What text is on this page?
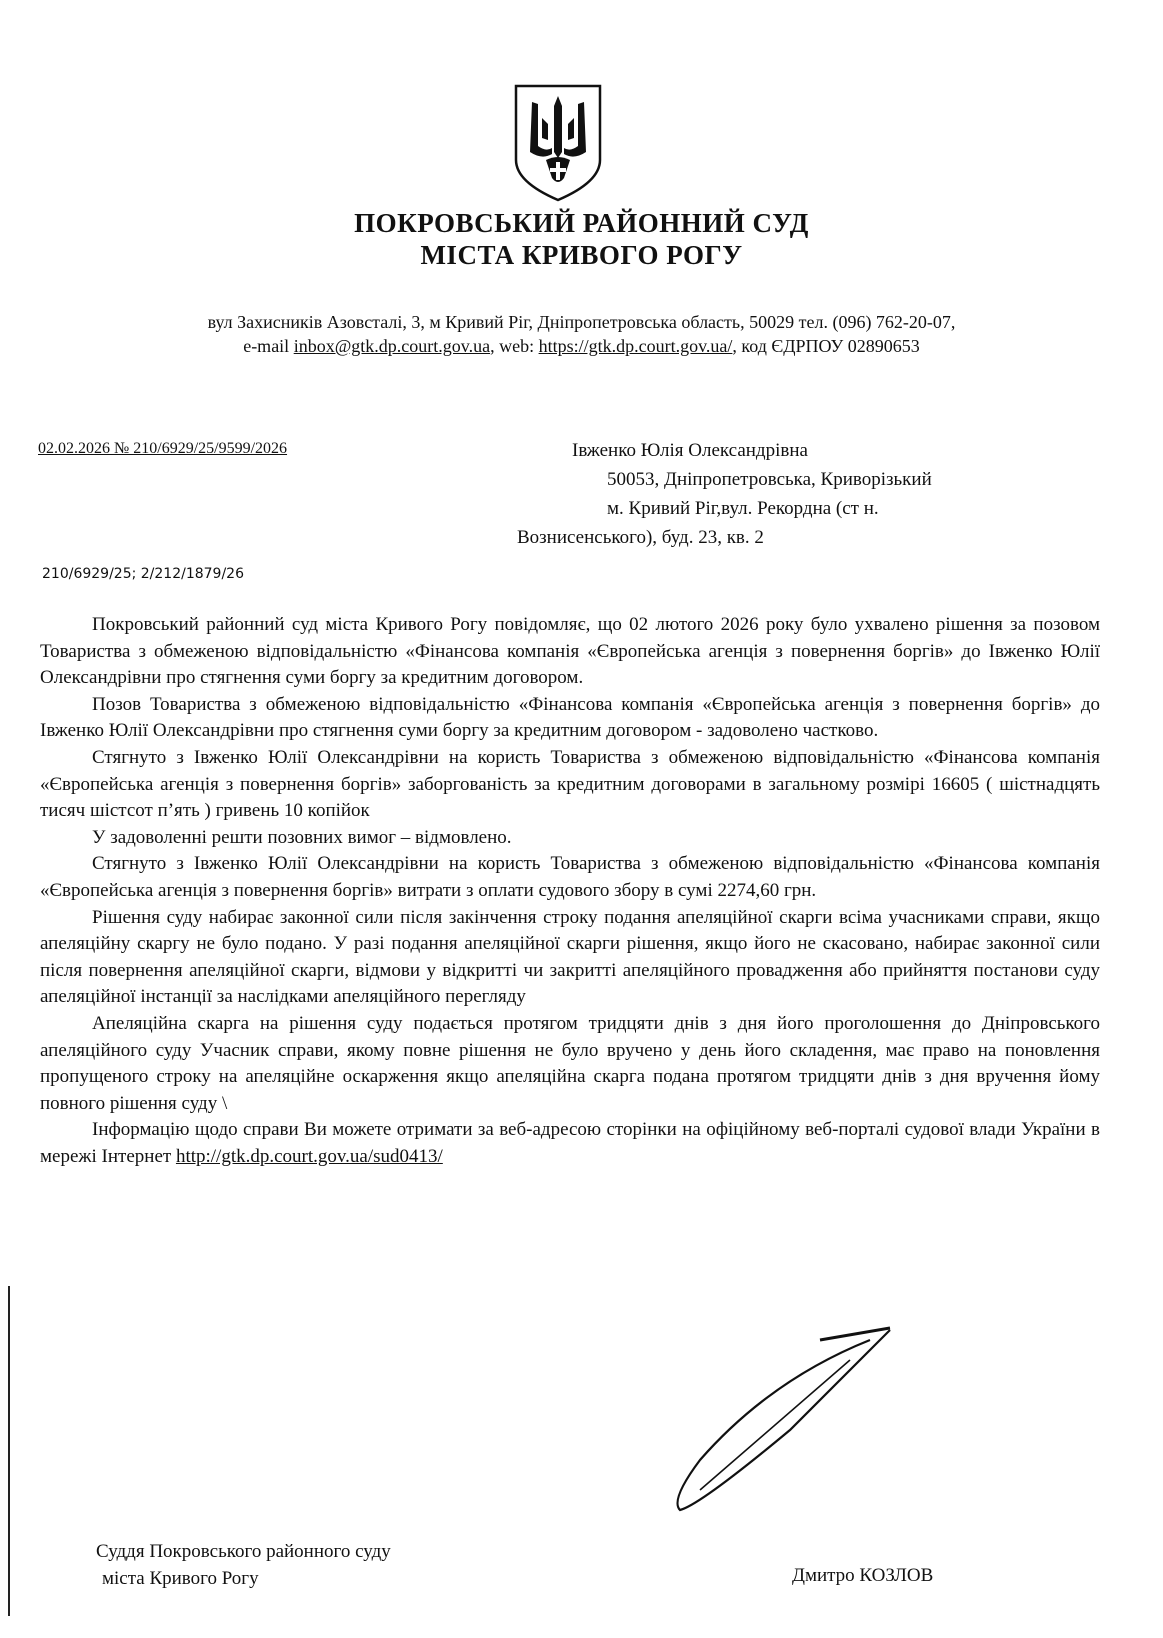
ПОКРОВСЬКИЙ РАЙОННИЙ СУД
МІСТА КРИВОГО РОГУ
вул Захисників Азовсталі, 3, м Кривий Ріг, Дніпропетровська область, 50029 тел. (096) 762-20-07,
e-mail inbox@gtk.dp.court.gov.ua, web: https://gtk.dp.court.gov.ua/, код ЄДРПОУ 02890653
02.02.2026 № 210/6929/25/9599/2026	Івженко Юлія Олександрівна
50053, Дніпропетровська, Криворізький
м. Кривий Ріг,вул. Рекордна (ст н.
Вознисенського), буд. 23, кв. 2
210/6929/25; 2/212/1879/26

Покровський районний суд міста Кривого Рогу повідомляє, що 02 лютого 2026 року було ухвалено рішення за позовом Товариства з обмеженою відповідальністю «Фінансова компанія «Європейська агенція з повернення боргів» до Івженко Юлії Олександрівни про стягнення суми боргу за кредитним договором.

Позов Товариства з обмеженою відповідальністю «Фінансова компанія «Європейська агенція з повернення боргів» до Івженко Юлії Олександрівни про стягнення суми боргу за кредитним договором - задоволено частково.

Стягнуто з Івженко Юлії Олександрівни на користь Товариства з обмеженою відповідальністю «Фінансова компанія «Європейська агенція з повернення боргів» заборгованість за кредитним договорами в загальному розмірі 16605 ( шістнадцять тисяч шістсот п’ять ) гривень 10 копійок

У задоволенні решти позовних вимог – відмовлено.

Стягнуто з Івженко Юлії Олександрівни на користь Товариства з обмеженою відповідальністю «Фінансова компанія «Європейська агенція з повернення боргів» витрати з оплати судового збору в сумі 2274,60 грн.

Рішення суду набирає законної сили після закінчення строку подання апеляційної скарги всіма учасниками справи, якщо апеляційну скаргу не було подано. У разі подання апеляційної скарги рішення, якщо його не скасовано, набирає законної сили після повернення апеляційної скарги, відмови у відкритті чи закритті апеляційного провадження або прийняття постанови суду апеляційної інстанції за наслідками апеляційного перегляду

Апеляційна скарга на рішення суду подається протягом тридцяти днів з дня його проголошення до Дніпровського апеляційного суду Учасник справи, якому повне рішення не було вручено у день його складення, має право на поновлення пропущеного строку на апеляційне оскарження якщо апеляційна скарга подана протягом тридцяти днів з дня вручення йому повного рішення суду \

Інформацію щодо справи Ви можете отримати за веб-адресою сторінки на офіційному веб-порталі судової влади України в мережі Інтернет http://gtk.dp.court.gov.ua/sud0413/

Суддя Покровського районного суду
міста Кривого Рогу	Дмитро КОЗЛОВ
